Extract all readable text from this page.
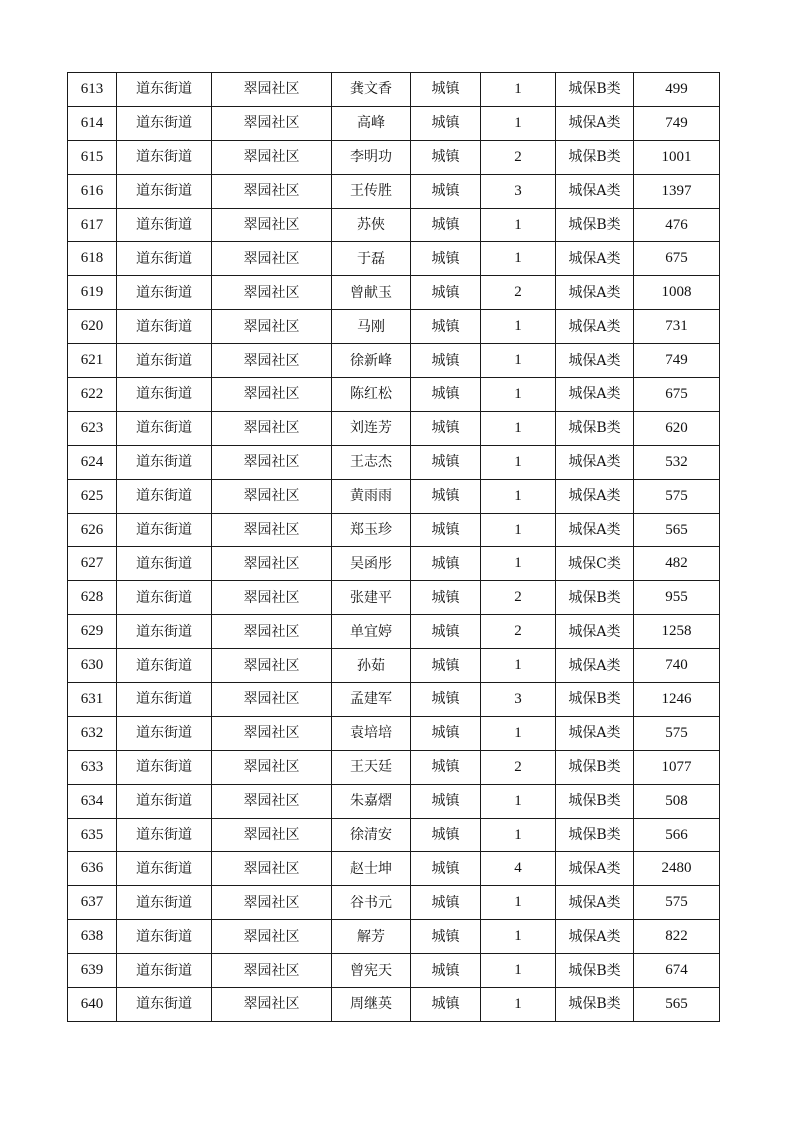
613	道东街道	翠园社区	龚文香	城镇	1	城保B类	499
614	道东街道	翠园社区	高峰	城镇	1	城保A类	749
615	道东街道	翠园社区	李明功	城镇	2	城保B类	1001
616	道东街道	翠园社区	王传胜	城镇	3	城保A类	1397
617	道东街道	翠园社区	苏俠	城镇	1	城保B类	476
618	道东街道	翠园社区	于磊	城镇	1	城保A类	675
619	道东街道	翠园社区	曾献玉	城镇	2	城保A类	1008
620	道东街道	翠园社区	马刚	城镇	1	城保A类	731
621	道东街道	翠园社区	徐新峰	城镇	1	城保A类	749
622	道东街道	翠园社区	陈红松	城镇	1	城保A类	675
623	道东街道	翠园社区	刘连芳	城镇	1	城保B类	620
624	道东街道	翠园社区	王志杰	城镇	1	城保A类	532
625	道东街道	翠园社区	黄雨雨	城镇	1	城保A类	575
626	道东街道	翠园社区	郑玉珍	城镇	1	城保A类	565
627	道东街道	翠园社区	吴函彤	城镇	1	城保C类	482
628	道东街道	翠园社区	张建平	城镇	2	城保B类	955
629	道东街道	翠园社区	单宜婷	城镇	2	城保A类	1258
630	道东街道	翠园社区	孙茹	城镇	1	城保A类	740
631	道东街道	翠园社区	孟建军	城镇	3	城保B类	1246
632	道东街道	翠园社区	袁培培	城镇	1	城保A类	575
633	道东街道	翠园社区	王天廷	城镇	2	城保B类	1077
634	道东街道	翠园社区	朱嘉熠	城镇	1	城保B类	508
635	道东街道	翠园社区	徐清安	城镇	1	城保B类	566
636	道东街道	翠园社区	赵士坤	城镇	4	城保A类	2480
637	道东街道	翠园社区	谷书元	城镇	1	城保A类	575
638	道东街道	翠园社区	解芳	城镇	1	城保A类	822
639	道东街道	翠园社区	曾宪天	城镇	1	城保B类	674
640	道东街道	翠园社区	周继英	城镇	1	城保B类	565
